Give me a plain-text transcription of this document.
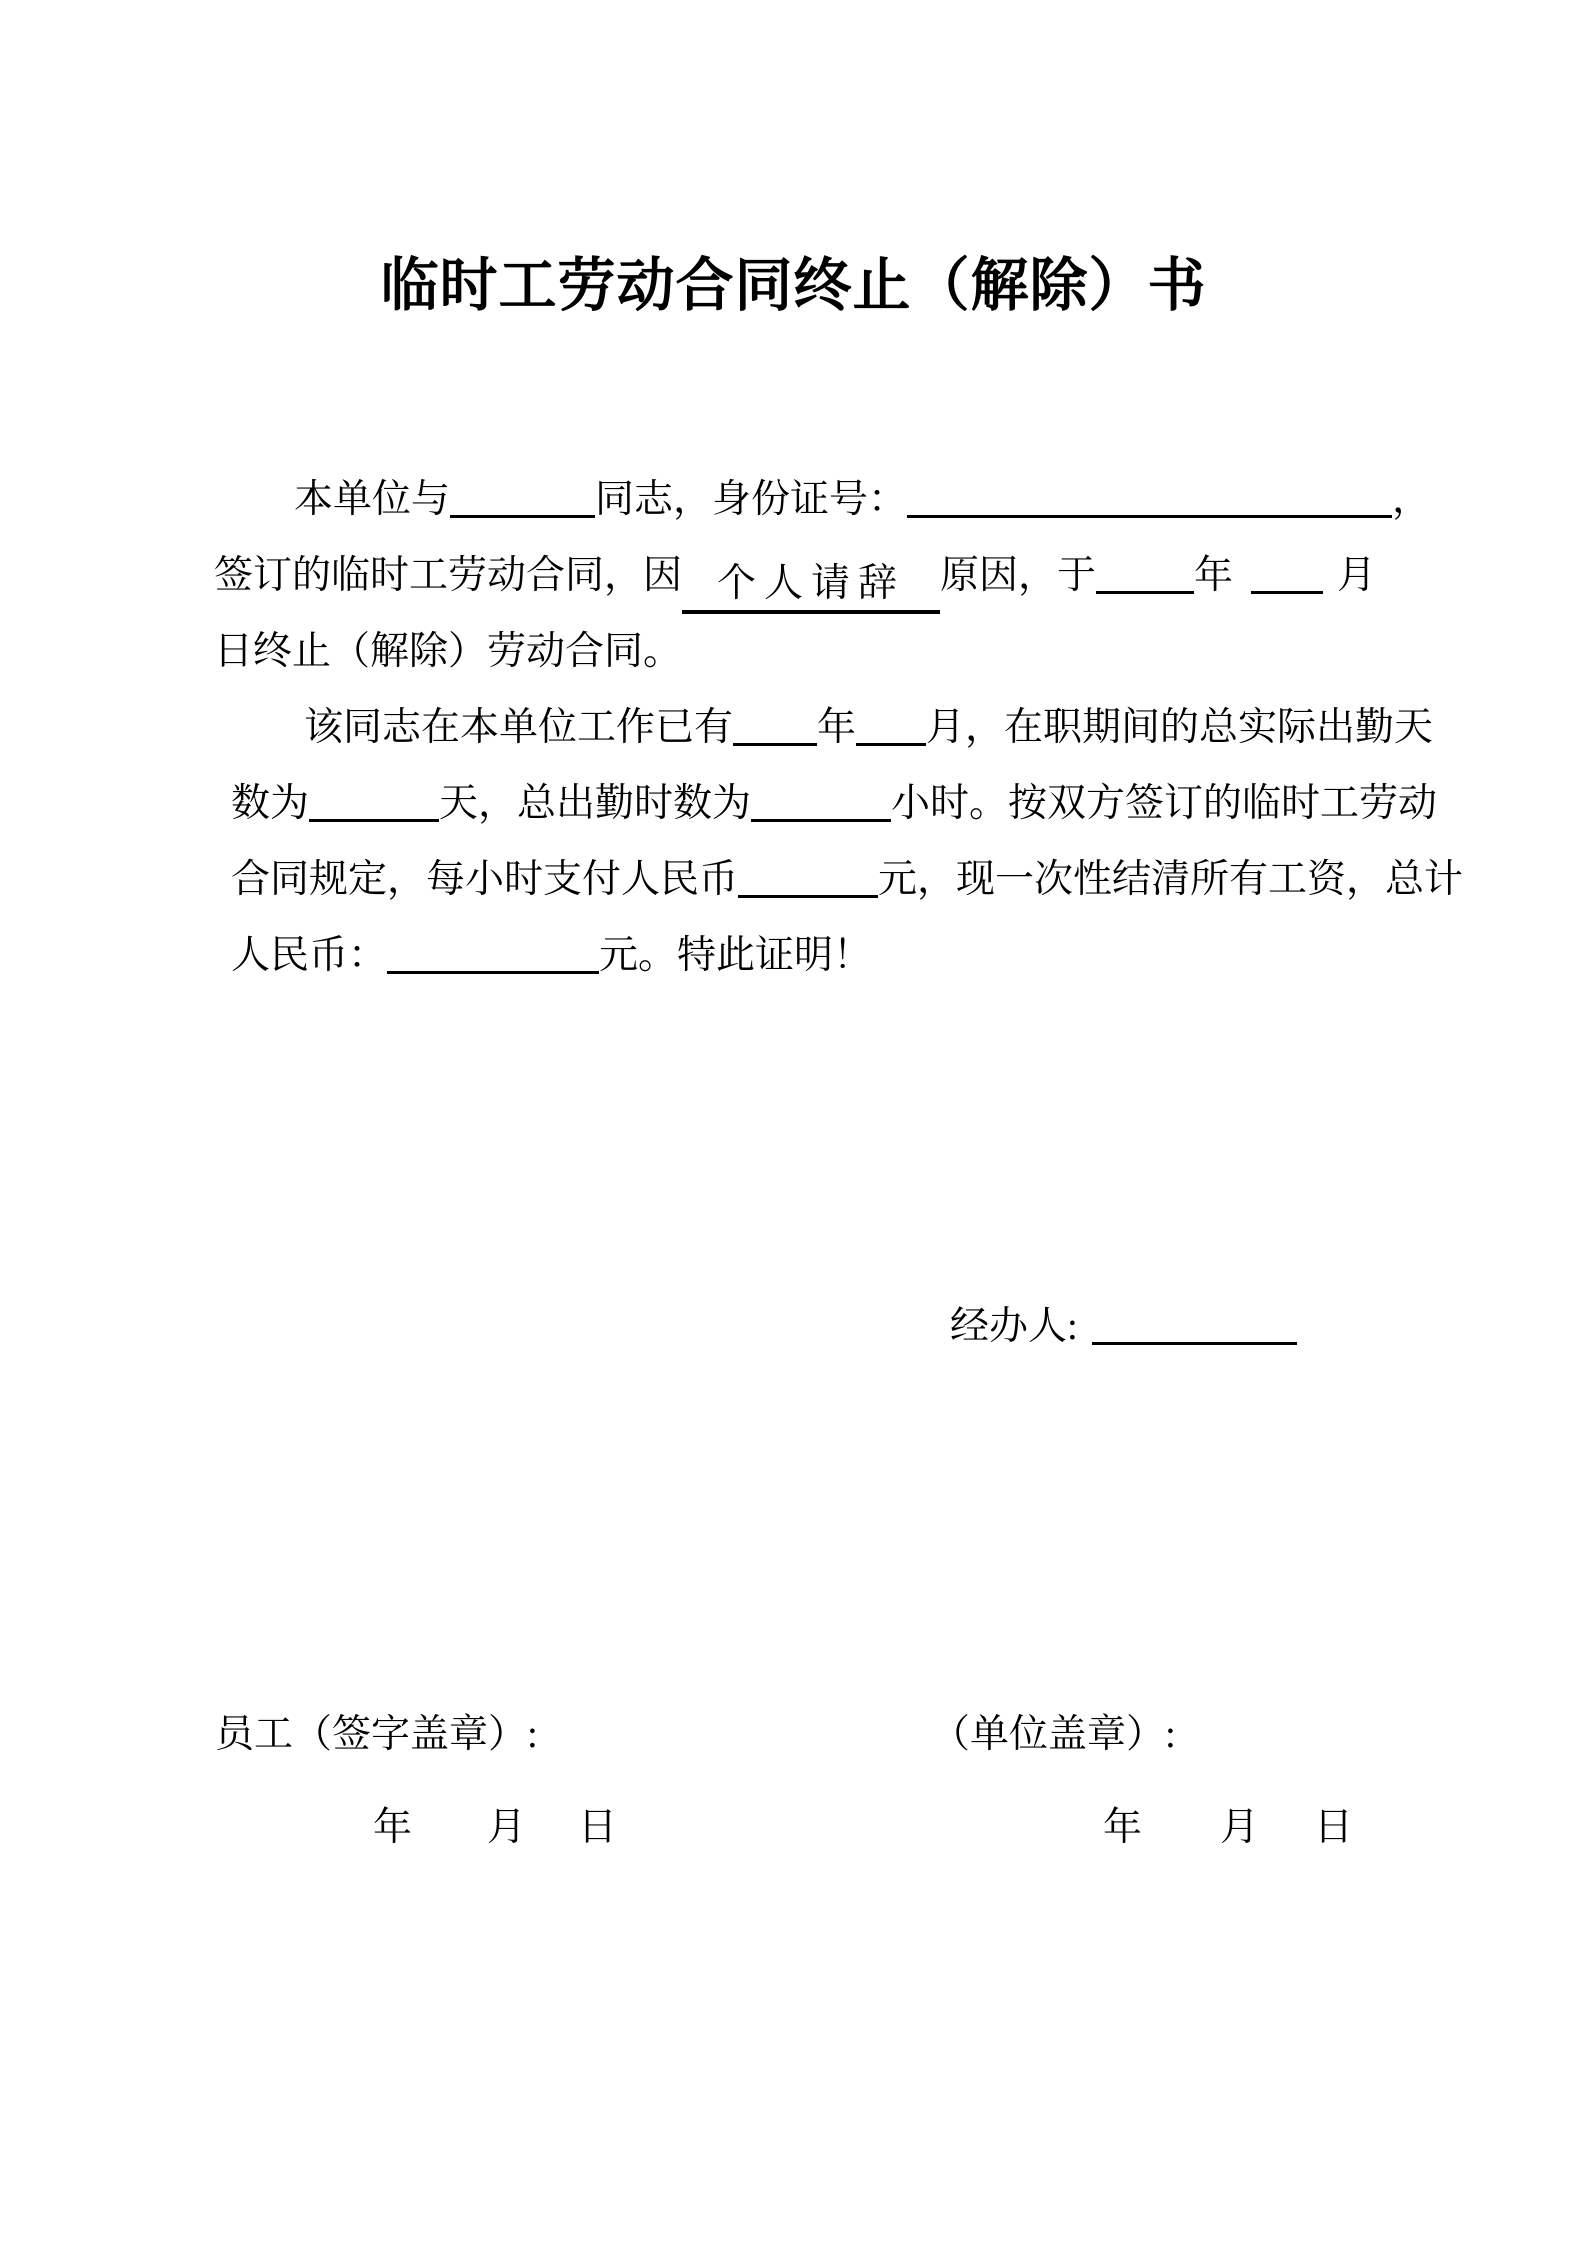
临时工劳动合同终止（解除）书
本单位与	同志，身份证号：	，
签订的临时工劳动合同，因 个人请辞 原因，于	年	月
日终止（解除）劳动合同。
该同志在本单位工作已有 年 月，在职期间的总实际出勤天
数为	天，总出勤时数为	小时。按双方签订的临时工劳动
合同规定，每小时支付人民币	元，现一次性结清所有工资，总计
人民币：	元。特此证明！
经办人:
员工（签字盖章）:	（单位盖章）:
年 月 日	年 月 日
